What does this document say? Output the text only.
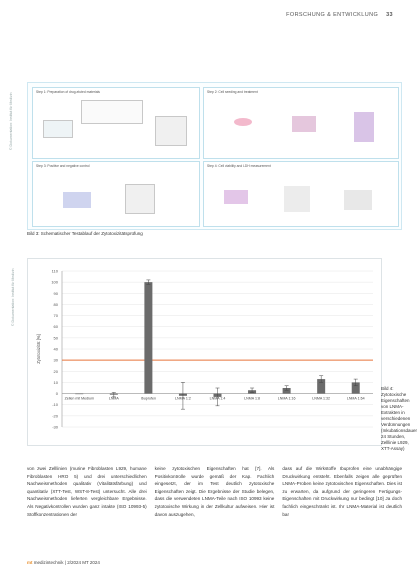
FORSCHUNG & ENTWICKLUNG 33
© Dokumentation: Institut für Medizin
Step 1: Preparation of drug-eluted materials	Step 2: Cell seeding and treatment
Step 3: Positive and negative control	Step 4: Cell viability and LDH measurement
Bild 3: Schematischer Testablauf der Zytotoxizitätsprüfung
© Dokumentation: Institut für Medizin
-30
-20
-10
0
10
20
30
40
50
60
70
80
90
100
110
Zytotoxizität [%]
Zellen mit Medium	LNMA	Ibuprofen	LNMA 1:2	LNMA 1:4	LNMA 1:8	LNMA 1:16	LNMA 1:32	LNMA 1:64
Bild 4: Zytotoxische Eigenschaften von LNMA-Extrakten in verschiedenen Verdünnungen (Inkubationsdauer 24 Stunden, Zelllinie L929, XTT-Assay)
von zwei Zelllinien (murine Fibroblasten L929, humane Fibroblasten HRO 5) und drei unterschiedlichen Nachweismethoden qualitativ (Vitalitätsfärbung) und quantitativ (XTT-Test, WST-8-Test) untersucht. Alle drei Nachweismethoden lieferten vergleichbare Ergebnisse. Als Negativkontrollen wurden ganz intakte (ISO 10993-5) Stoffkonzentrationen der
keine zytotoxischen Eigenschaften hat [7]. Als Positivkontrolle wurde gemäß der Kap. Fachlich eingesetzt, der im Test deutlich zytotoxische Eigenschaften zeigt. Die Ergebnisse der Studie belegen, dass die verwendeten LNMA-Teile nach ISO 10993 keine zytotoxische Wirkung in der Zellkultur aufweisen. Hier ist davon auszugehen,
dass auf die Wirkstoffe Ibuprofen eine unabhängige Druckwirkung entsteht. Ebenfalls zeigen alle geprüften LNMA-Proben keine zytotoxischen Eigenschaften. Dies ist zu erwarten, da aufgrund der geringeren Fertigungs-Eigenschaften mit Druckwirkung nur bedingt [10] Ja doch fachlich eingeschränkt ist. Ihr LNMA-Material ist deutlich bar
mt medizintechnik | 2/2024 MT 2024
